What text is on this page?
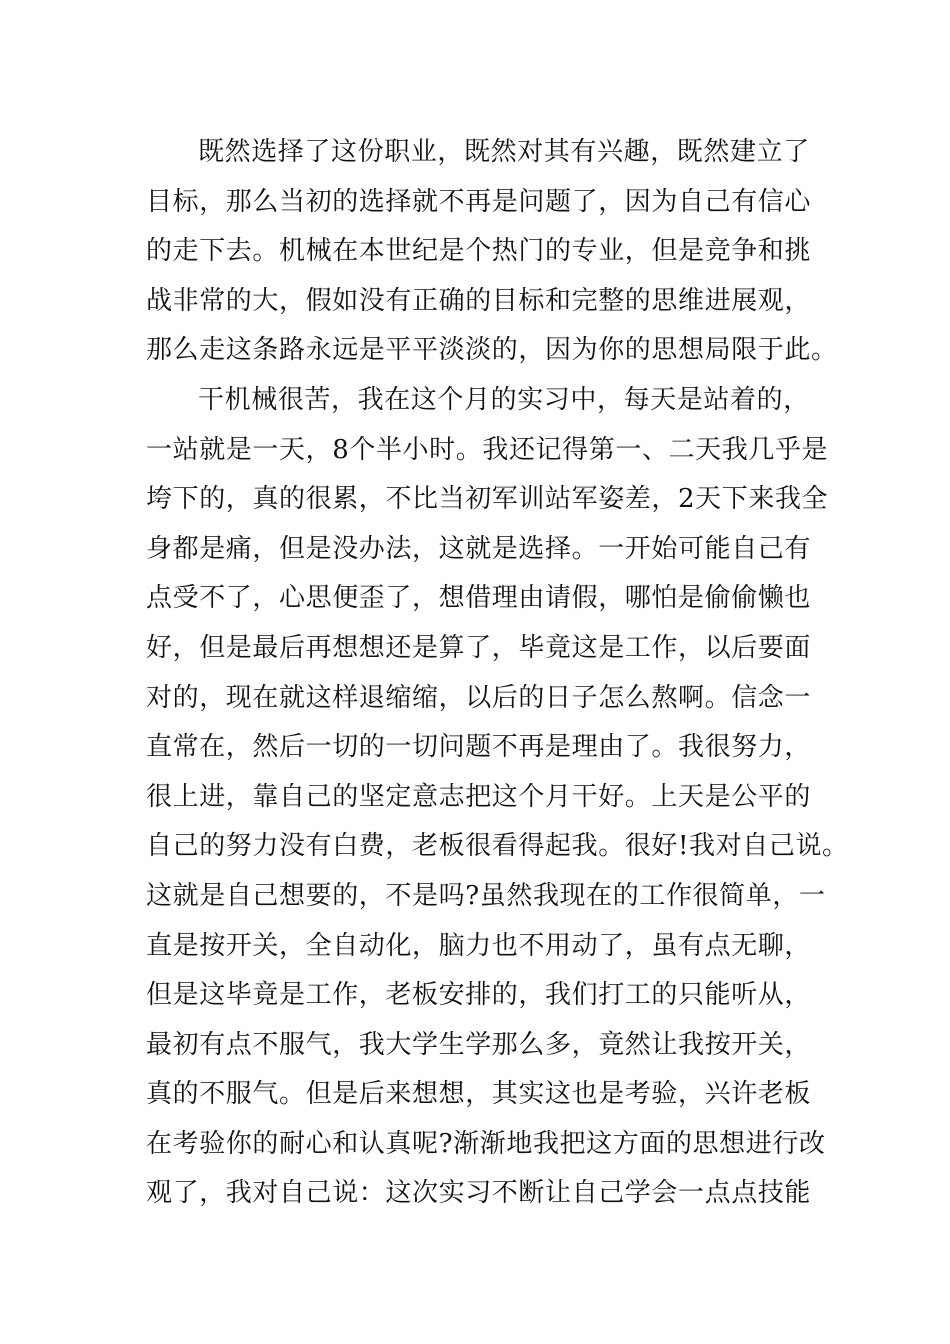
既然选择了这份职业，既然对其有兴趣，既然建立了
目标，那么当初的选择就不再是问题了，因为自己有信心
的走下去。机械在本世纪是个热门的专业，但是竞争和挑
战非常的大，假如没有正确的目标和完整的思维进展观，
那么走这条路永远是平平淡淡的，因为你的思想局限于此。
干机械很苦，我在这个月的实习中，每天是站着的，
一站就是一天，8个半小时。我还记得第一、二天我几乎是
垮下的，真的很累，不比当初军训站军姿差，2天下来我全
身都是痛，但是没办法，这就是选择。一开始可能自己有
点受不了，心思便歪了，想借理由请假，哪怕是偷偷懒也
好，但是最后再想想还是算了，毕竟这是工作，以后要面
对的，现在就这样退缩缩，以后的日子怎么熬啊。信念一
直常在，然后一切的一切问题不再是理由了。我很努力，
很上进，靠自己的坚定意志把这个月干好。上天是公平的
自己的努力没有白费，老板很看得起我。很好!我对自己说。
这就是自己想要的，不是吗?虽然我现在的工作很简单，一
直是按开关，全自动化，脑力也不用动了，虽有点无聊，
但是这毕竟是工作，老板安排的，我们打工的只能听从，
最初有点不服气，我大学生学那么多，竟然让我按开关，
真的不服气。但是后来想想，其实这也是考验，兴许老板
在考验你的耐心和认真呢?渐渐地我把这方面的思想进行改
观了，我对自己说：这次实习不断让自己学会一点点技能
